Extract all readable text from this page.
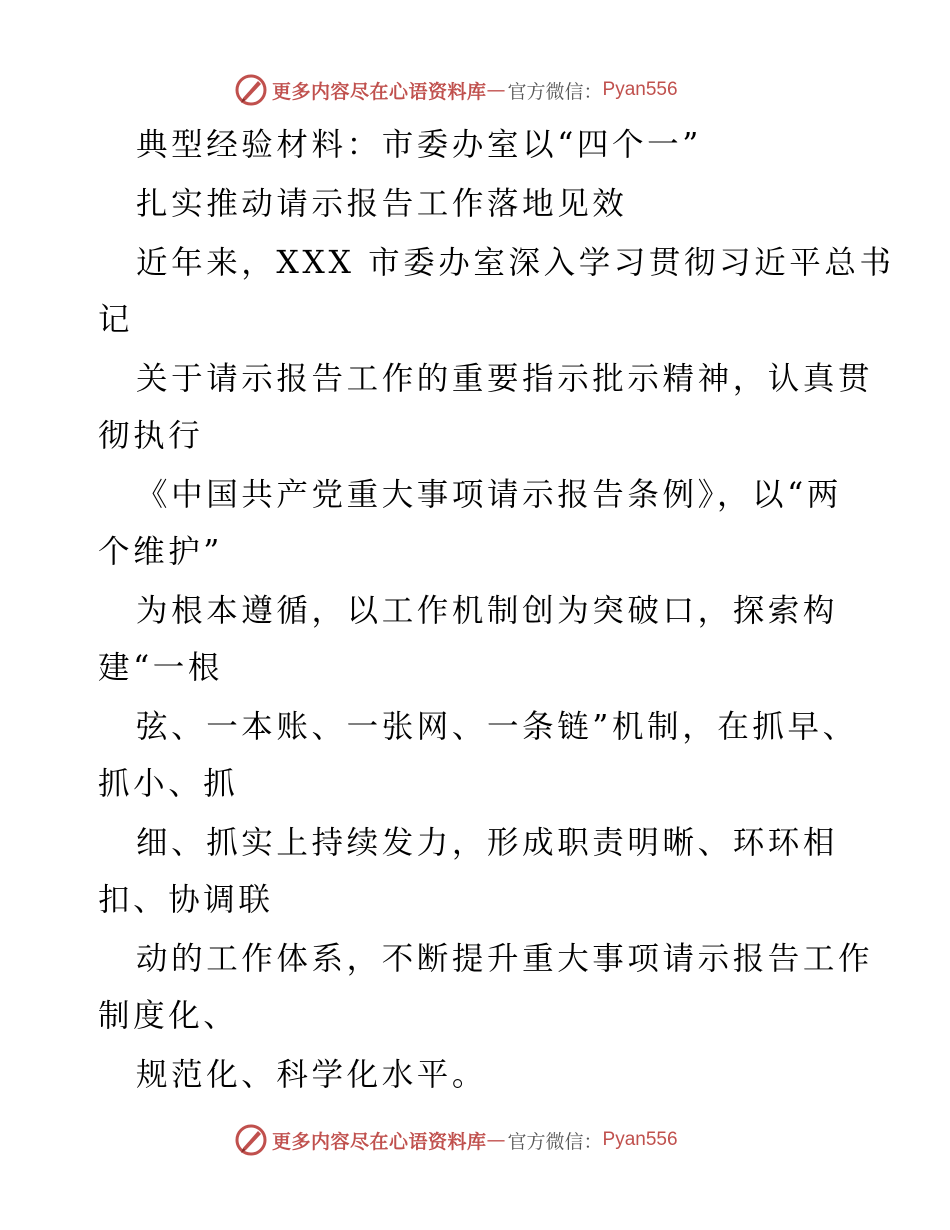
更多内容尽在心语资料库 — 官方微信： Pyan556
典型经验材料：市委办室以“四个一”
扎实推动请示报告工作落地见效
近年来，XXX 市委办室深入学习贯彻习近平总书
记
关于请示报告工作的重要指示批示精神，认真贯
彻执行
《中国共产党重大事项请示报告条例》，以“两
个维护”
为根本遵循，以工作机制创为突破口，探索构
建“一根
弦、一本账、一张网、一条链”机制，在抓早、
抓小、抓
细、抓实上持续发力，形成职责明晰、环环相
扣、协调联
动的工作体系，不断提升重大事项请示报告工作
制度化、
规范化、科学化水平。
更多内容尽在心语资料库 — 官方微信： Pyan556
